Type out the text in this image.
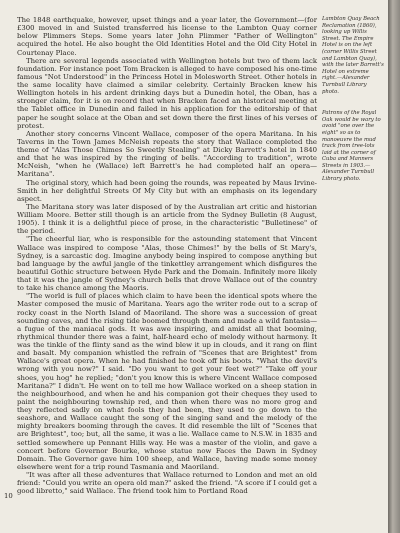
The 1848 earthquake, however, upset things and a year later, the Government—(for £300 moved in and Suisted transferred his license to the Lambton Quay corner below Plimmers Steps. Some years later John Plimmer "Father of Wellington" acquired the hotel. He also bought the Old Identities Hotel and the Old City Hotel in Courtenay Place.

There are several legends associated with Wellington hotels but two of them lack foundation. For instance poet Tom Bracken is alleged to have composed his one-time famous "Not Understood" in the Princess Hotel in Molesworth Street. Other hotels in the same locality have claimed a similar celebrity. Certainly Bracken knew his Wellington hotels in his ardent drinking days but a Dunedin hotel, the Oban, has a stronger claim, for it is on record that when Bracken faced an historical meeting at the Tablet office in Dunedin and failed in his application for the editorship of that paper he sought solace at the Oban and set down there the first lines of his verses of protest.

Another story concerns Vincent Wallace, composer of the opera Maritana. In his Taverns in the Town James McNeish repeats the story that Wallace completed the theme of "Alas Those Chimes So Sweetly Stealing" at Dicky Barrett's hotel in 1840 and that he was inspired by the ringing of bells. "According to tradition", wrote McNeish, "when he (Wallace) left Barrett's he had completed half an opera—Maritana".

The original story, which had been going the rounds, was repeated by Maus Irvine-Smith in her delightful Streets Of My City but with an emphasis on its legendary aspect.

The Maritana story was later disposed of by the Australian art critic and historian William Moore. Better still though is an article from the Sydney Bulletin (8 August, 1905). I think it is a delightful piece of prose, in the characteristic "Bulletinese" of the period.

"The cheerful liar, who is responsible for the astounding statement that Vincent Wallace was inspired to compose "Alas, those Chimes!" by the bells of St Mary's, Sydney, is a sarcastic dog. Imagine anybody being inspired to compose anything but bad language by the awful jangle of the tinkettley arrangement which disfigures the beautiful Gothic structure between Hyde Park and the Domain. Infinitely more likely that it was the jangle of Sydney's church bells that drove Wallace out of the country to take his chance among the Maoris.

"The world is full of places which claim to have been the identical spots where the Master composed the music of Maritana. Years ago the writer rode out to a scrap of rocky coast in the North Island of Maoriland. The shore was a succession of great sounding caves, and the rising tide boomed through them and made a wild fantasia—a fugue of the maniacal gods. It was awe inspiring, and amidst all that booming, rhythmical thunder there was a faint, half-heard echo of melody without harmony. It was the tinkle of the flinty sand as the wind blew it up in clouds, and it rang on flint and basalt. My companion whistled the refrain of "Scenes that are Brightest" from Wallace's great opera. When he had finished he took off his boots. "What the devil's wrong with you now?" I said. "Do you want to get your feet wet?" "Take off your shoes, you hog" he replied; "don't you know this is where Vincent Wallace composed Maritana?" I didn't. He went on to tell me how Wallace worked on a sheep station in the neighbourhood, and when he and his companion got their cheques they used to paint the neighbouring township red, and then when there was no more grog and they reflected sadly on what fools they had been, they used to go down to the seashore, and Wallace caught the song of the singing sand and the melody of the mighty breakers booming through the caves. It did resemble the lilt of "Scenes that are Brightest", too; but, all the same, it was a lie. Wallace came to N.S.W. in 1835 and settled somewhere up Pennant Hills way. He was a master of the violin, and gave a concert before Governor Bourke, whose statue now Faces the Dawn in Sydney Domain. The Governor gave him 100 sheep, and Wallace, having made some money elsewhere went for a trip round Tasmania and Maoriland.

"It was after all these adventures that Wallace returned to London and met an old friend: "Could you write an opera old man?" asked the friend. "A score if I could get a good libretto," said Wallace. The friend took him to Portland Road

Lambton Quay Beach Reclamation (1860), looking up Willis Street. The Empire Hotel is on the left (corner Willis Street and Lambton Quay), with the later Barrett's Hotel on extreme right.—Alexander Turnbull Library photo.

Patrons of the Royal Oak would be wary to avoid "one over the eight" so as to manoeuvre the mud track from tree-lots laid at the corner of Cuba and Manners Streets in 1903.—Alexander Turnbull Library photo.

10
